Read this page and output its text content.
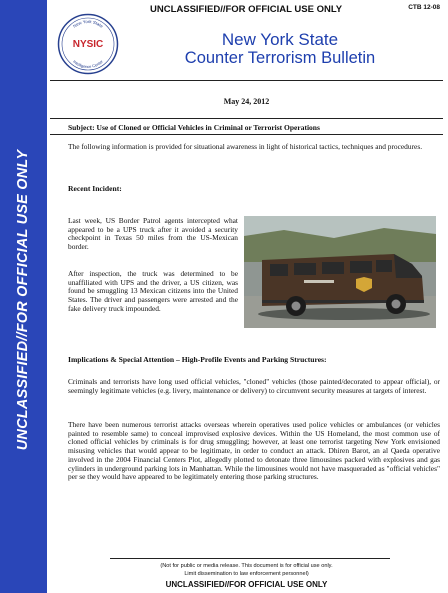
UNCLASSIFIED//FOR OFFICIAL USE ONLY
UNCLASSIFIED//FOR OFFICIAL USE ONLY	CTB 12-08
New York State
Intelligence Center
NYSIC	New York State
Counter Terrorism Bulletin
May 24, 2012
Subject: Use of Cloned or Official Vehicles in Criminal or Terrorist Operations

The following information is provided for situational awareness in light of historical tactics, techniques and procedures.

Recent Incident:

Last week, US Border Patrol agents intercepted what appeared to be a UPS truck after it avoided a security checkpoint in Texas 50 miles from the US-Mexican border.

After inspection, the truck was determined to be unaffiliated with UPS and the driver, a US citizen, was found be smuggling 13 Mexican citizens into the United States. The driver and passengers were arrested and the fake delivery truck impounded.

Implications & Special Attention – High-Profile Events and Parking Structures:

Criminals and terrorists have long used official vehicles, "cloned" vehicles (those painted/decorated to appear official), or seemingly legitimate vehicles (e.g. livery, maintenance or delivery) to circumvent security measures at targets of interest.

There have been numerous terrorist attacks overseas wherein operatives used police vehicles or ambulances (or vehicles painted to resemble same) to conceal improvised explosive devices. Within the US Homeland, the most common use of cloned official vehicles by criminals is for drug smuggling; however, at least one terrorist targeting New York envisioned misusing vehicles that would appear to be legitimate, in order to conduct an attack. Dhiren Barot, an al Qaeda operative involved in the 2004 Financial Centers Plot, allegedly plotted to detonate three limousines packed with explosives and gas cylinders in underground parking lots in Manhattan. While the limousines would not have masqueraded as "official vehicles" per se they would have appeared to be legitimately entering those parking structures.

(Not for public or media release. This document is for official use only.
Limit dissemination to law enforcement personnel)
UNCLASSIFIED//FOR OFFICIAL USE ONLY
